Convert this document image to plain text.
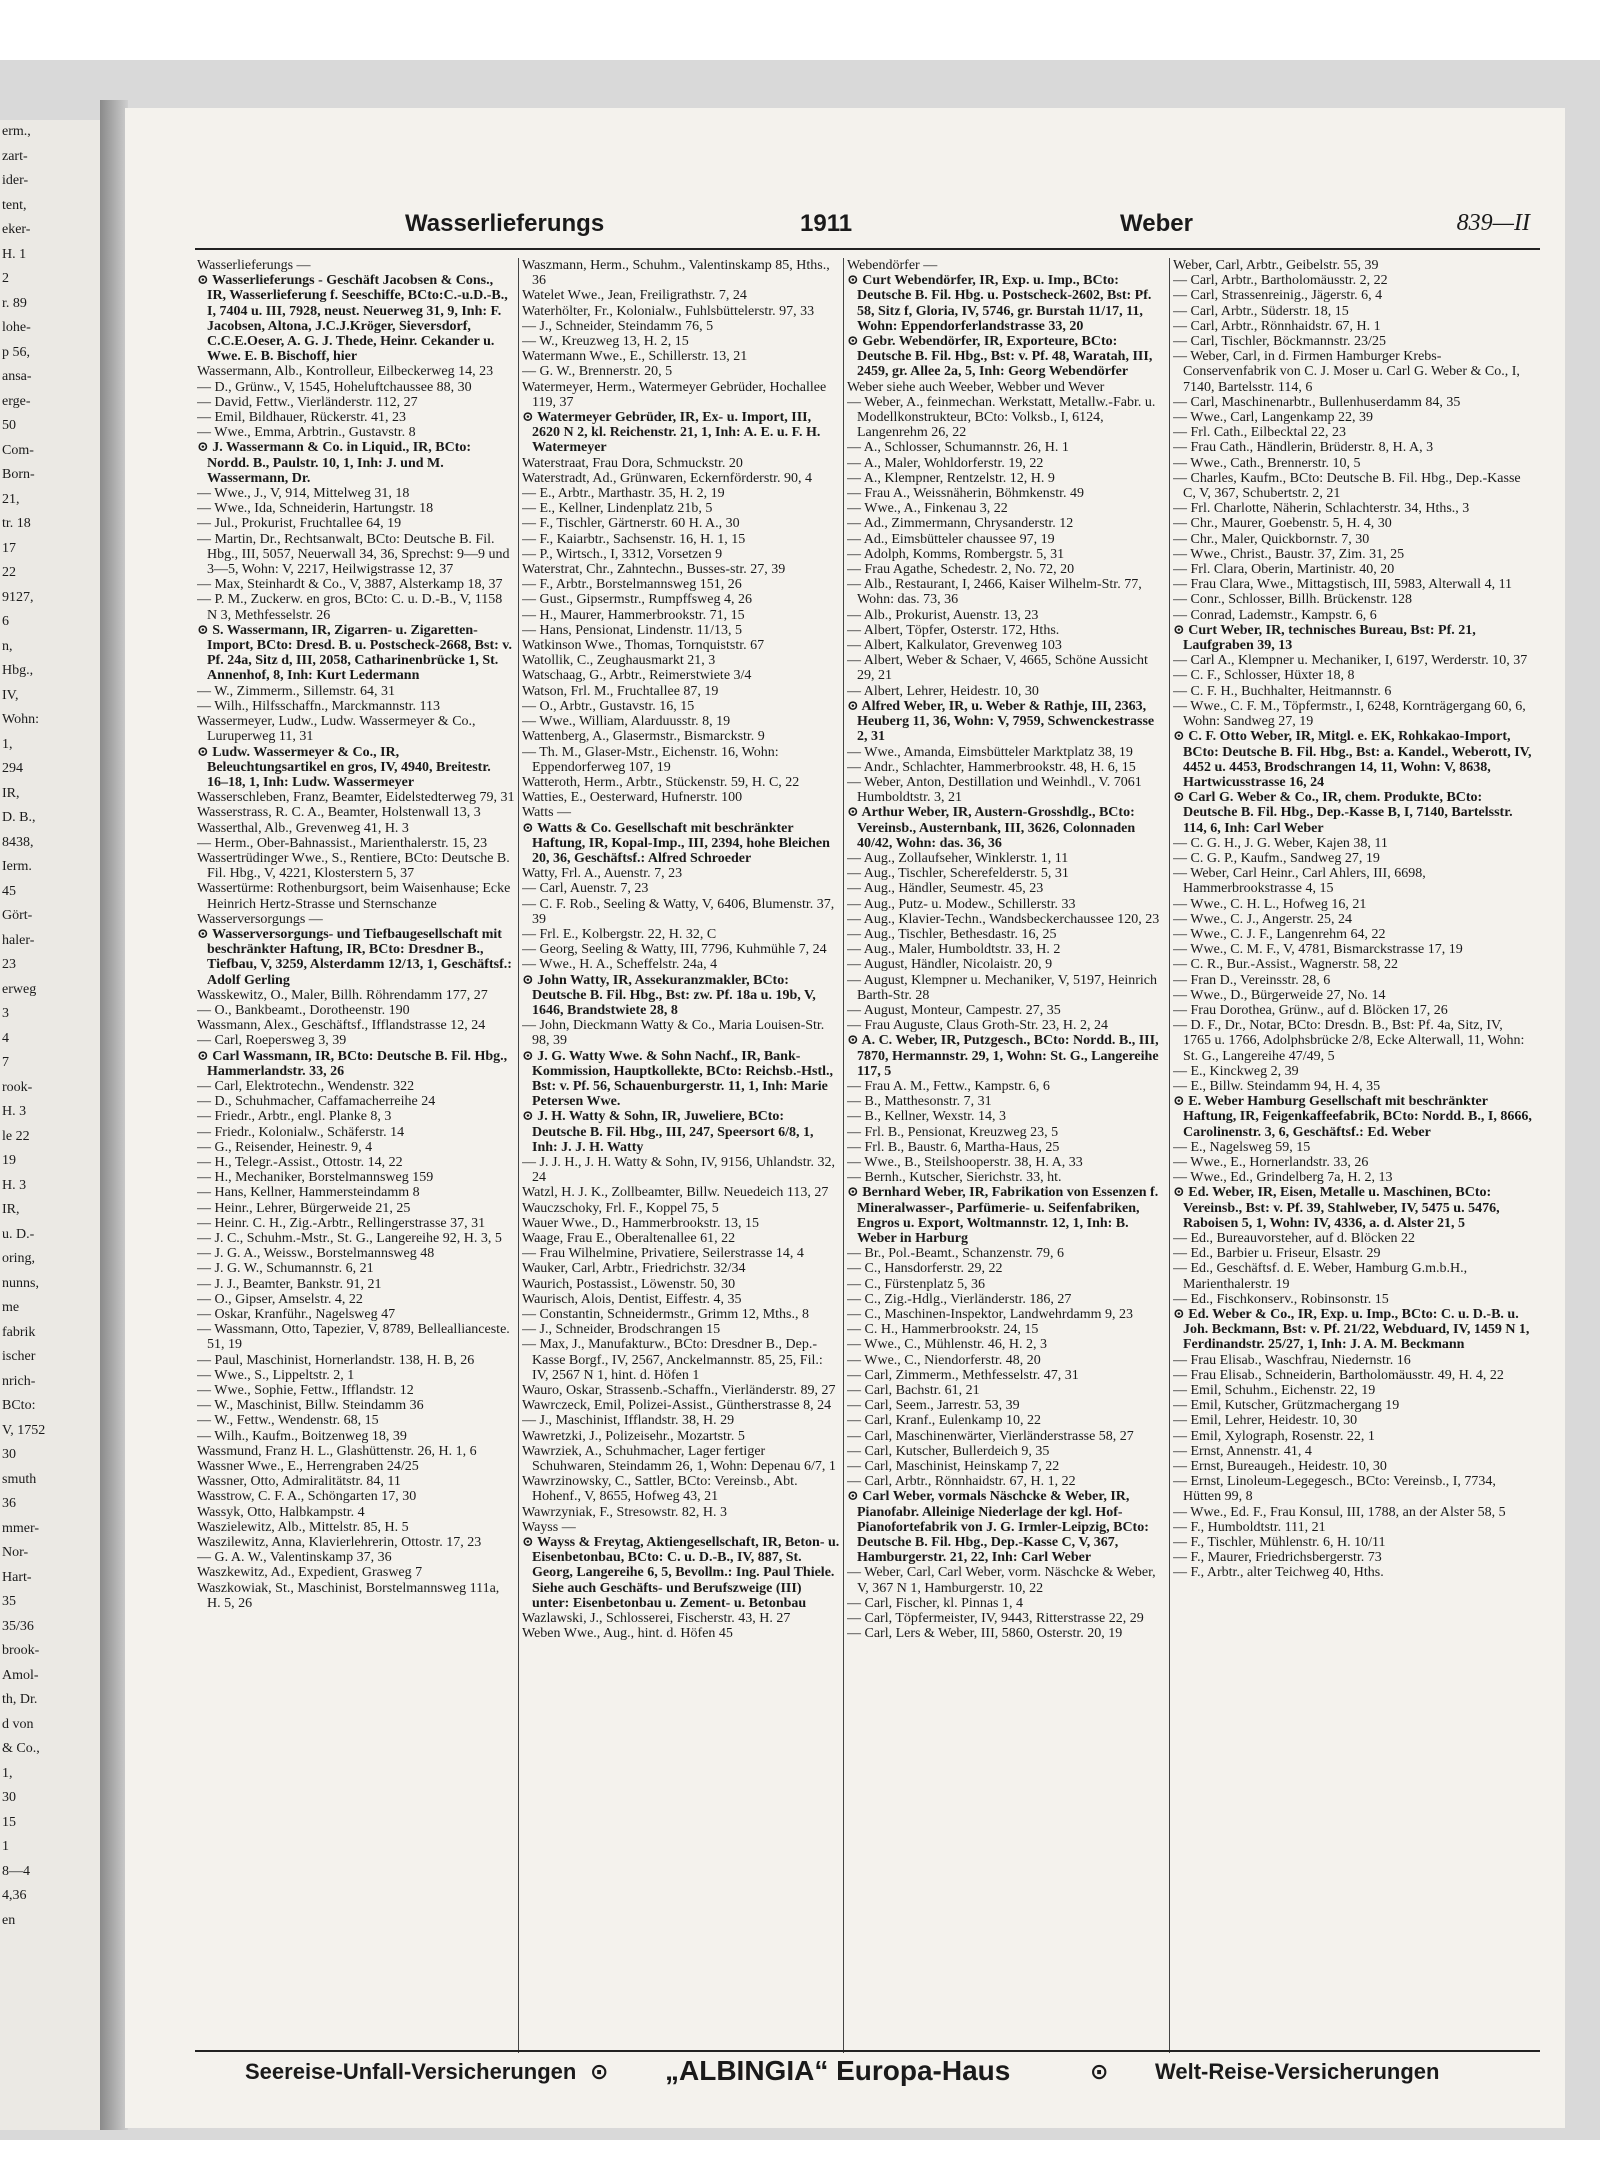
erm.,
zart-
ider-
tent,
eker-
H. 1
2
r. 89
lohe-
p 56,
ansa-
erge-
50
Com-
Born-
21,
tr. 18
17
22
9127,
6
n,
Hbg.,
IV,
Wohn:
1,
294
IR,
D. B.,
8438,
Ierm.
45
Gört-
haler-
23
erweg
3
4
7
rook-
H. 3
le 22
19
H. 3
IR,
u. D.-
oring,
nunns,
me
fabrik
ischer
nrich-
BCto:
V, 1752
30
smuth
36
mmer-
Nor-
Hart-
35
35/36
brook-
Amol-
th, Dr.
d von
& Co.,
1,
30
15
1
8—4
4,36
en
Wasserlieferungs	1911	Weber	839—II

Wasserlieferungs —

⊙ Wasserlieferungs - Geschäft Jacobsen & Cons., IR, Wasserlieferung f. Seeschiffe, BCto:C.-u.D.-B., I, 7404 u. III, 7928, neust. Neuerweg 31, 9, Inh: F. Jacobsen, Altona, J.C.J.Kröger, Sieversdorf, C.C.E.Oeser, A. G. J. Thede, Heinr. Cekander u. Wwe. E. B. Bischoff, hier

Wassermann, Alb., Kontrolleur, Eilbeckerweg 14, 23

— D., Grünw., V, 1545, Hoheluftchaussee 88, 30

— David, Fettw., Vierländerstr. 112, 27

— Emil, Bildhauer, Rückerstr. 41, 23

— Wwe., Emma, Arbtrin., Gustavstr. 8

⊙ J. Wassermann & Co. in Liquid., IR, BCto: Nordd. B., Paulstr. 10, 1, Inh: J. und M. Wassermann, Dr.

— Wwe., J., V, 914, Mittelweg 31, 18

— Wwe., Ida, Schneiderin, Hartungstr. 18

— Jul., Prokurist, Fruchtallee 64, 19

— Martin, Dr., Rechtsanwalt, BCto: Deutsche B. Fil. Hbg., III, 5057, Neuerwall 34, 36, Sprechst: 9—9 und 3—5, Wohn: V, 2217, Heilwigstrasse 12, 37

— Max, Steinhardt & Co., V, 3887, Alsterkamp 18, 37

— P. M., Zuckerw. en gros, BCto: C. u. D.-B., V, 1158 N 3, Methfesselstr. 26

⊙ S. Wassermann, IR, Zigarren- u. Zigaretten-Import, BCto: Dresd. B. u. Postscheck-2668, Bst: v. Pf. 24a, Sitz d, III, 2058, Catharinenbrücke 1, St. Annenhof, 8, Inh: Kurt Ledermann

— W., Zimmerm., Sillemstr. 64, 31

— Wilh., Hilfsschaffn., Marckmannstr. 113

Wassermeyer, Ludw., Ludw. Wassermeyer & Co., Luruperweg 11, 31

⊙ Ludw. Wassermeyer & Co., IR, Beleuchtungsartikel en gros, IV, 4940, Breitestr. 16–18, 1, Inh: Ludw. Wassermeyer

Wasserschleben, Franz, Beamter, Eidelstedterweg 79, 31

Wasserstrass, R. C. A., Beamter, Holstenwall 13, 3

Wasserthal, Alb., Grevenweg 41, H. 3

— Herm., Ober-Bahnassist., Marienthalerstr. 15, 23

Wassertrüdinger Wwe., S., Rentiere, BCto: Deutsche B. Fil. Hbg., V, 4221, Klosterstern 5, 37

Wassertürme: Rothenburgsort, beim Waisenhause; Ecke Heinrich Hertz-Strasse und Sternschanze

Wasserversorgungs —

⊙ Wasserversorgungs- und Tiefbaugesellschaft mit beschränkter Haftung, IR, BCto: Dresdner B., Tiefbau, V, 3259, Alsterdamm 12/13, 1, Geschäftsf.: Adolf Gerling

Wasskewitz, O., Maler, Billh. Röhrendamm 177, 27

— O., Bankbeamt., Dorotheenstr. 190

Wassmann, Alex., Geschäftsf., Ifflandstrasse 12, 24

— Carl, Roepersweg 3, 39

⊙ Carl Wassmann, IR, BCto: Deutsche B. Fil. Hbg., Hammerlandstr. 33, 26

— Carl, Elektrotechn., Wendenstr. 322

— D., Schuhmacher, Caffamacherreihe 24

— Friedr., Arbtr., engl. Planke 8, 3

— Friedr., Kolonialw., Schäferstr. 14

— G., Reisender, Heinestr. 9, 4

— H., Telegr.-Assist., Ottostr. 14, 22

— H., Mechaniker, Borstelmannsweg 159

— Hans, Kellner, Hammersteindamm 8

— Heinr., Lehrer, Bürgerweide 21, 25

— Heinr. C. H., Zig.-Arbtr., Rellingerstrasse 37, 31

— J. C., Schuhm.-Mstr., St. G., Langereihe 92, H. 3, 5

— J. G. A., Weissw., Borstelmannsweg 48

— J. G. W., Schumannstr. 6, 21

— J. J., Beamter, Bankstr. 91, 21

— O., Gipser, Amselstr. 4, 22

— Oskar, Kranführ., Nagelsweg 47

— Wassmann, Otto, Tapezier, V, 8789, Belleallianceste. 51, 19

— Paul, Maschinist, Hornerlandstr. 138, H. B, 26

— Wwe., S., Lippeltstr. 2, 1

— Wwe., Sophie, Fettw., Ifflandstr. 12

— W., Maschinist, Billw. Steindamm 36

— W., Fettw., Wendenstr. 68, 15

— Wilh., Kaufm., Boitzenweg 18, 39

Wassmund, Franz H. L., Glashüttenstr. 26, H. 1, 6

Wassner Wwe., E., Herrengraben 24/25

Wassner, Otto, Admiralitätstr. 84, 11

Wasstrow, C. F. A., Schöngarten 17, 30

Wassyk, Otto, Halbkampstr. 4

Waszielewitz, Alb., Mittelstr. 85, H. 5

Waszilewitz, Anna, Klavierlehrerin, Ottostr. 17, 23

— G. A. W., Valentinskamp 37, 36

Waszkewitz, Ad., Expedient, Grasweg 7

Waszkowiak, St., Maschinist, Borstelmannsweg 111a, H. 5, 26

Waszmann, Herm., Schuhm., Valentinskamp 85, Hths., 36

Watelet Wwe., Jean, Freiligrathstr. 7, 24

Waterhölter, Fr., Kolonialw., Fuhlsbüttelerstr. 97, 33

— J., Schneider, Steindamm 76, 5

— W., Kreuzweg 13, H. 2, 15

Watermann Wwe., E., Schillerstr. 13, 21

— G. W., Brennerstr. 20, 5

Watermeyer, Herm., Watermeyer Gebrüder, Hochallee 119, 37

⊙ Watermeyer Gebrüder, IR, Ex- u. Import, III, 2620 N 2, kl. Reichenstr. 21, 1, Inh: A. E. u. F. H. Watermeyer

Waterstraat, Frau Dora, Schmuckstr. 20

Waterstradt, Ad., Grünwaren, Eckernförderstr. 90, 4

— E., Arbtr., Marthastr. 35, H. 2, 19

— E., Kellner, Lindenplatz 21b, 5

— F., Tischler, Gärtnerstr. 60 H. A., 30

— F., Kaiarbtr., Sachsenstr. 16, H. 1, 15

— P., Wirtsch., I, 3312, Vorsetzen 9

Waterstrat, Chr., Zahntechn., Busses-str. 27, 39

— F., Arbtr., Borstelmannsweg 151, 26

— Gust., Gipsermstr., Rumpffsweg 4, 26

— H., Maurer, Hammerbrookstr. 71, 15

— Hans, Pensionat, Lindenstr. 11/13, 5

Watkinson Wwe., Thomas, Tornquiststr. 67

Watollik, C., Zeughausmarkt 21, 3

Watschaag, G., Arbtr., Reimerstwiete 3/4

Watson, Frl. M., Fruchtallee 87, 19

— O., Arbtr., Gustavstr. 16, 15

— Wwe., William, Alarduusstr. 8, 19

Wattenberg, A., Glasermstr., Bismarckstr. 9

— Th. M., Glaser-Mstr., Eichenstr. 16, Wohn: Eppendorferweg 107, 19

Watteroth, Herm., Arbtr., Stückenstr. 59, H. C, 22

Watties, E., Oesterward, Hufnerstr. 100

Watts —

⊙ Watts & Co. Gesellschaft mit beschränkter Haftung, IR, Kopal-Imp., III, 2394, hohe Bleichen 20, 36, Geschäftsf.: Alfred Schroeder

Watty, Frl. A., Auenstr. 7, 23

— Carl, Auenstr. 7, 23

— C. F. Rob., Seeling & Watty, V, 6406, Blumenstr. 37, 39

— Frl. E., Kolbergstr. 22, H. 32, C

— Georg, Seeling & Watty, III, 7796, Kuhmühle 7, 24

— Wwe., H. A., Scheffelstr. 24a, 4

⊙ John Watty, IR, Assekuranzmakler, BCto: Deutsche B. Fil. Hbg., Bst: zw. Pf. 18a u. 19b, V, 1646, Brandstwiete 28, 8

— John, Dieckmann Watty & Co., Maria Louisen-Str. 98, 39

⊙ J. G. Watty Wwe. & Sohn Nachf., IR, Bank-Kommission, Hauptkollekte, BCto: Reichsb.-Hstl., Bst: v. Pf. 56, Schauenburgerstr. 11, 1, Inh: Marie Petersen Wwe.

⊙ J. H. Watty & Sohn, IR, Juweliere, BCto: Deutsche B. Fil. Hbg., III, 247, Speersort 6/8, 1, Inh: J. J. H. Watty

— J. J. H., J. H. Watty & Sohn, IV, 9156, Uhlandstr. 32, 24

Watzl, H. J. K., Zollbeamter, Billw. Neuedeich 113, 27

Wauczschoky, Frl. F., Koppel 75, 5

Wauer Wwe., D., Hammerbrookstr. 13, 15

Waage, Frau E., Oberaltenallee 61, 22

— Frau Wilhelmine, Privatiere, Seilerstrasse 14, 4

Wauker, Carl, Arbtr., Friedrichstr. 32/34

Waurich, Postassist., Löwenstr. 50, 30

Waurisch, Alois, Dentist, Eiffestr. 4, 35

— Constantin, Schneidermstr., Grimm 12, Mths., 8

— J., Schneider, Brodschrangen 15

— Max, J., Manufakturw., BCto: Dresdner B., Dep.-Kasse Borgf., IV, 2567, Anckelmannstr. 85, 25, Fil.: IV, 2567 N 1, hint. d. Höfen 1

Wauro, Oskar, Strassenb.-Schaffn., Vierländerstr. 89, 27

Wawrczeck, Emil, Polizei-Assist., Güntherstrasse 8, 24

— J., Maschinist, Ifflandstr. 38, H. 29

Wawretzki, J., Polizeisehr., Mozartstr. 5

Wawrziek, A., Schuhmacher, Lager fertiger Schuhwaren, Steindamm 26, 1, Wohn: Depenau 6/7, 1

Wawrzinowsky, C., Sattler, BCto: Vereinsb., Abt. Hohenf., V, 8655, Hofweg 43, 21

Wawrzyniak, F., Stresowstr. 82, H. 3

Wayss —

⊙ Wayss & Freytag, Aktiengesellschaft, IR, Beton- u. Eisenbetonbau, BCto: C. u. D.-B., IV, 887, St. Georg, Langereihe 6, 5, Bevollm.: Ing. Paul Thiele. Siehe auch Geschäfts- und Berufszweige (III) unter: Eisenbetonbau u. Zement- u. Betonbau

Wazlawski, J., Schlosserei, Fischerstr. 43, H. 27

Weben Wwe., Aug., hint. d. Höfen 45

Webendörfer —

⊙ Curt Webendörfer, IR, Exp. u. Imp., BCto: Deutsche B. Fil. Hbg. u. Postscheck-2602, Bst: Pf. 58, Sitz f, Gloria, IV, 5746, gr. Burstah 11/17, 11, Wohn: Eppendorferlandstrasse 33, 20

⊙ Gebr. Webendörfer, IR, Exporteure, BCto: Deutsche B. Fil. Hbg., Bst: v. Pf. 48, Waratah, III, 2459, gr. Allee 2a, 5, Inh: Georg Webendörfer

Weber siehe auch Weeber, Webber und Wever

— Weber, A., feinmechan. Werkstatt, Metallw.-Fabr. u. Modellkonstrukteur, BCto: Volksb., I, 6124, Langenrehm 26, 22

— A., Schlosser, Schumannstr. 26, H. 1

— A., Maler, Wohldorferstr. 19, 22

— A., Klempner, Rentzelstr. 12, H. 9

— Frau A., Weissnäherin, Böhmkenstr. 49

— Wwe., A., Finkenau 3, 22

— Ad., Zimmermann, Chrysanderstr. 12

— Ad., Eimsbütteler chaussee 97, 19

— Adolph, Komms, Rombergstr. 5, 31

— Frau Agathe, Schedestr. 2, No. 72, 20

— Alb., Restaurant, I, 2466, Kaiser Wilhelm-Str. 77, Wohn: das. 73, 36

— Alb., Prokurist, Auenstr. 13, 23

— Albert, Töpfer, Osterstr. 172, Hths.

— Albert, Kalkulator, Grevenweg 103

— Albert, Weber & Schaer, V, 4665, Schöne Aussicht 29, 21

— Albert, Lehrer, Heidestr. 10, 30

⊙ Alfred Weber, IR, u. Weber & Rathje, III, 2363, Heuberg 11, 36, Wohn: V, 7959, Schwenckestrasse 2, 31

— Wwe., Amanda, Eimsbütteler Marktplatz 38, 19

— Andr., Schlachter, Hammerbrookstr. 48, H. 6, 15

— Weber, Anton, Destillation und Weinhdl., V. 7061 Humboldtstr. 3, 21

⊙ Arthur Weber, IR, Austern-Grosshdlg., BCto: Vereinsb., Austernbank, III, 3626, Colonnaden 40/42, Wohn: das. 36, 36

— Aug., Zollaufseher, Winklerstr. 1, 11

— Aug., Tischler, Scherefelderstr. 5, 31

— Aug., Händler, Seumestr. 45, 23

— Aug., Putz- u. Modew., Schillerstr. 33

— Aug., Klavier-Techn., Wandsbeckerchaussee 120, 23

— Aug., Tischler, Bethesdastr. 16, 25

— Aug., Maler, Humboldtstr. 33, H. 2

— August, Händler, Nicolaistr. 20, 9

— August, Klempner u. Mechaniker, V, 5197, Heinrich Barth-Str. 28

— August, Monteur, Campestr. 27, 35

— Frau Auguste, Claus Groth-Str. 23, H. 2, 24

⊙ A. C. Weber, IR, Putzgesch., BCto: Nordd. B., III, 7870, Hermannstr. 29, 1, Wohn: St. G., Langereihe 117, 5

— Frau A. M., Fettw., Kampstr. 6, 6

— B., Matthesonstr. 7, 31

— B., Kellner, Wexstr. 14, 3

— Frl. B., Pensionat, Kreuzweg 23, 5

— Frl. B., Baustr. 6, Martha-Haus, 25

— Wwe., B., Steilshooperstr. 38, H. A, 33

— Bernh., Kutscher, Sierichstr. 33, ht.

⊙ Bernhard Weber, IR, Fabrikation von Essenzen f. Mineralwasser-, Parfümerie- u. Seifenfabriken, Engros u. Export, Woltmannstr. 12, 1, Inh: B. Weber in Harburg

— Br., Pol.-Beamt., Schanzenstr. 79, 6

— C., Hansdorferstr. 29, 22

— C., Fürstenplatz 5, 36

— C., Zig.-Hdlg., Vierländerstr. 186, 27

— C., Maschinen-Inspektor, Landwehrdamm 9, 23

— C. H., Hammerbrookstr. 24, 15

— Wwe., C., Mühlenstr. 46, H. 2, 3

— Wwe., C., Niendorferstr. 48, 20

— Carl, Zimmerm., Methfesselstr. 47, 31

— Carl, Bachstr. 61, 21

— Carl, Seem., Jarrestr. 53, 39

— Carl, Kranf., Eulenkamp 10, 22

— Carl, Maschinenwärter, Vierländerstrasse 58, 27

— Carl, Kutscher, Bullerdeich 9, 35

— Carl, Maschinist, Heinskamp 7, 22

— Carl, Arbtr., Rönnhaidstr. 67, H. 1, 22

⊙ Carl Weber, vormals Näschcke & Weber, IR, Pianofabr. Alleinige Niederlage der kgl. Hof-Pianofortefabrik von J. G. Irmler-Leipzig, BCto: Deutsche B. Fil. Hbg., Dep.-Kasse C, V, 367, Hamburgerstr. 21, 22, Inh: Carl Weber

— Weber, Carl, Carl Weber, vorm. Näschcke & Weber, V, 367 N 1, Hamburgerstr. 10, 22

— Carl, Fischer, kl. Pinnas 1, 4

— Carl, Töpfermeister, IV, 9443, Ritterstrasse 22, 29

— Carl, Lers & Weber, III, 5860, Osterstr. 20, 19

Weber, Carl, Arbtr., Geibelstr. 55, 39

— Carl, Arbtr., Bartholomäusstr. 2, 22

— Carl, Strassenreinig., Jägerstr. 6, 4

— Carl, Arbtr., Süderstr. 18, 15

— Carl, Arbtr., Rönnhaidstr. 67, H. 1

— Carl, Tischler, Böckmannstr. 23/25

— Weber, Carl, in d. Firmen Hamburger Krebs-Conservenfabrik von C. J. Moser u. Carl G. Weber & Co., I, 7140, Bartelsstr. 114, 6

— Carl, Maschinenarbtr., Bullenhuserdamm 84, 35

— Wwe., Carl, Langenkamp 22, 39

— Frl. Cath., Eilbecktal 22, 23

— Frau Cath., Händlerin, Brüderstr. 8, H. A, 3

— Wwe., Cath., Brennerstr. 10, 5

— Charles, Kaufm., BCto: Deutsche B. Fil. Hbg., Dep.-Kasse C, V, 367, Schubertstr. 2, 21

— Frl. Charlotte, Näherin, Schlachterstr. 34, Hths., 3

— Chr., Maurer, Goebenstr. 5, H. 4, 30

— Chr., Maler, Quickbornstr. 7, 30

— Wwe., Christ., Baustr. 37, Zim. 31, 25

— Frl. Clara, Oberin, Martinistr. 40, 20

— Frau Clara, Wwe., Mittagstisch, III, 5983, Alterwall 4, 11

— Conr., Schlosser, Billh. Brückenstr. 128

— Conrad, Lademstr., Kampstr. 6, 6

⊙ Curt Weber, IR, technisches Bureau, Bst: Pf. 21, Laufgraben 39, 13

— Carl A., Klempner u. Mechaniker, I, 6197, Werderstr. 10, 37

— C. F., Schlosser, Hüxter 18, 8

— C. F. H., Buchhalter, Heitmannstr. 6

— Wwe., C. F. M., Töpfermstr., I, 6248, Kornträgergang 60, 6, Wohn: Sandweg 27, 19

⊙ C. F. Otto Weber, IR, Mitgl. e. EK, Rohkakao-Import, BCto: Deutsche B. Fil. Hbg., Bst: a. Kandel., Weberott, IV, 4452 u. 4453, Brodschrangen 14, 11, Wohn: V, 8638, Hartwicusstrasse 16, 24

⊙ Carl G. Weber & Co., IR, chem. Produkte, BCto: Deutsche B. Fil. Hbg., Dep.-Kasse B, I, 7140, Bartelsstr. 114, 6, Inh: Carl Weber

— C. G. H., J. G. Weber, Kajen 38, 11

— C. G. P., Kaufm., Sandweg 27, 19

— Weber, Carl Heinr., Carl Ahlers, III, 6698, Hammerbrookstrasse 4, 15

— Wwe., C. H. L., Hofweg 16, 21

— Wwe., C. J., Angerstr. 25, 24

— Wwe., C. J. F., Langenrehm 64, 22

— Wwe., C. M. F., V, 4781, Bismarckstrasse 17, 19

— C. R., Bur.-Assist., Wagnerstr. 58, 22

— Fran D., Vereinsstr. 28, 6

— Wwe., D., Bürgerweide 27, No. 14

— Frau Dorothea, Grünw., auf d. Blöcken 17, 26

— D. F., Dr., Notar, BCto: Dresdn. B., Bst: Pf. 4a, Sitz, IV, 1765 u. 1766, Adolphsbrücke 2/8, Ecke Alterwall, 11, Wohn: St. G., Langereihe 47/49, 5

— E., Kinckweg 2, 39

— E., Billw. Steindamm 94, H. 4, 35

⊙ E. Weber Hamburg Gesellschaft mit beschränkter Haftung, IR, Feigenkaffeefabrik, BCto: Nordd. B., I, 8666, Carolinenstr. 3, 6, Geschäftsf.: Ed. Weber

— E., Nagelsweg 59, 15

— Wwe., E., Hornerlandstr. 33, 26

— Wwe., Ed., Grindelberg 7a, H. 2, 13

⊙ Ed. Weber, IR, Eisen, Metalle u. Maschinen, BCto: Vereinsb., Bst: v. Pf. 39, Stahlweber, IV, 5475 u. 5476, Raboisen 5, 1, Wohn: IV, 4336, a. d. Alster 21, 5

— Ed., Bureauvorsteher, auf d. Blöcken 22

— Ed., Barbier u. Friseur, Elsastr. 29

— Ed., Geschäftsf. d. E. Weber, Hamburg G.m.b.H., Marienthalerstr. 19

— Ed., Fischkonserv., Robinsonstr. 15

⊙ Ed. Weber & Co., IR, Exp. u. Imp., BCto: C. u. D.-B. u. Joh. Beckmann, Bst: v. Pf. 21/22, Webduard, IV, 1459 N 1, Ferdinandstr. 25/27, 1, Inh: J. A. M. Beckmann

— Frau Elisab., Waschfrau, Niedernstr. 16

— Frau Elisab., Schneiderin, Bartholomäusstr. 49, H. 4, 22

— Emil, Schuhm., Eichenstr. 22, 19

— Emil, Kutscher, Grützmachergang 19

— Emil, Lehrer, Heidestr. 10, 30

— Emil, Xylograph, Rosenstr. 22, 1

— Ernst, Annenstr. 41, 4

— Ernst, Bureaugeh., Heidestr. 10, 30

— Ernst, Linoleum-Legegesch., BCto: Vereinsb., I, 7734, Hütten 99, 8

— Wwe., Ed. F., Frau Konsul, III, 1788, an der Alster 58, 5

— F., Humboldtstr. 111, 21

— F., Tischler, Mühlenstr. 6, H. 10/11

— F., Maurer, Friedrichsbergerstr. 73

— F., Arbtr., alter Teichweg 40, Hths.

Seereise-Unfall-Versicherungen ⊙ „ALBINGIA“ Europa-Haus	⊙ Welt-Reise-Versicherungen
